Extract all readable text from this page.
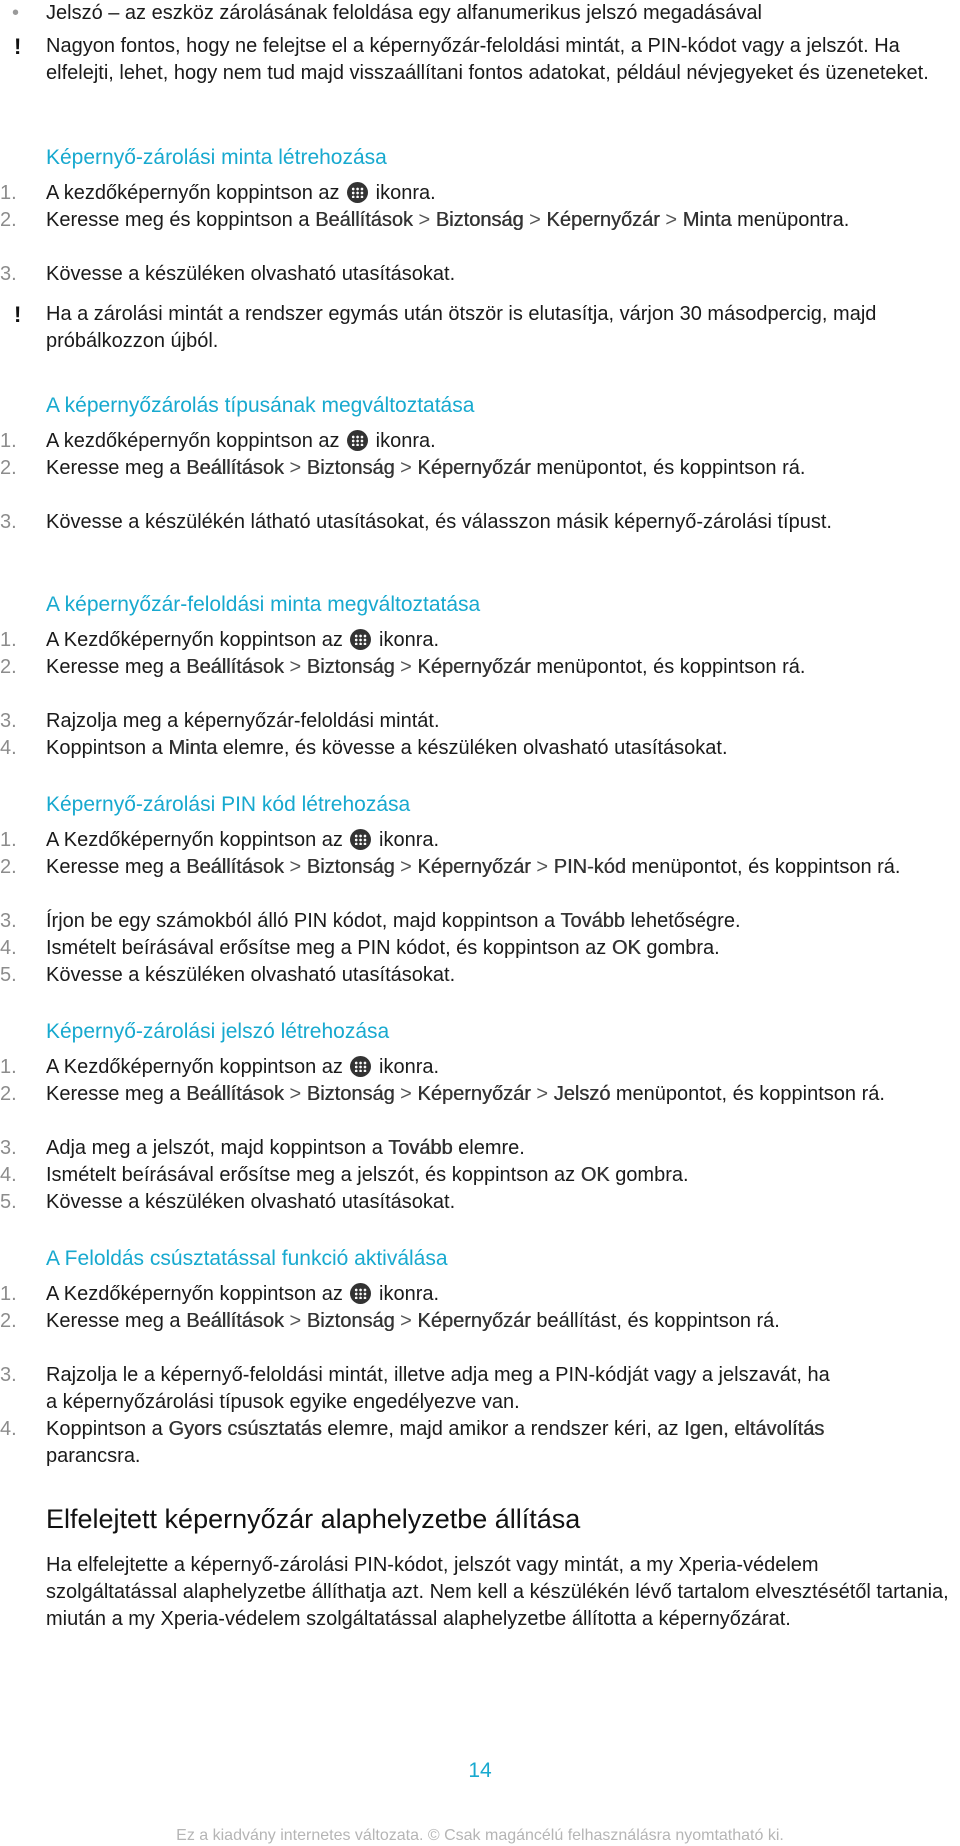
•	Jelszó – az eszköz zárolásának feloldása egy alfanumerikus jelszó megadásával
!	Nagyon fontos, hogy ne felejtse el a képernyőzár-feloldási mintát, a PIN-kódot vagy a jelszót. Ha elfelejti, lehet, hogy nem tud majd visszaállítani fontos adatokat, például névjegyeket és üzeneteket.
Képernyő-zárolási minta létrehozása
1.	A kezdőképernyőn koppintson az ikonra.
2.	Keresse meg és koppintson a Beállítások > Biztonság > Képernyőzár > Minta menüpontra.
3.	Kövesse a készüléken olvasható utasításokat.
!	Ha a zárolási mintát a rendszer egymás után ötször is elutasítja, várjon 30 másodpercig, majd próbálkozzon újból.
A képernyőzárolás típusának megváltoztatása
1.	A kezdőképernyőn koppintson az ikonra.
2.	Keresse meg a Beállítások > Biztonság > Képernyőzár menüpontot, és koppintson rá.
3.	Kövesse a készülékén látható utasításokat, és válasszon másik képernyő-zárolási típust.
A képernyőzár-feloldási minta megváltoztatása
1.	A Kezdőképernyőn koppintson az ikonra.
2.	Keresse meg a Beállítások > Biztonság > Képernyőzár menüpontot, és koppintson rá.
3.	Rajzolja meg a képernyőzár-feloldási mintát.
4.	Koppintson a Minta elemre, és kövesse a készüléken olvasható utasításokat.
Képernyő-zárolási PIN kód létrehozása
1.	A Kezdőképernyőn koppintson az ikonra.
2.	Keresse meg a Beállítások > Biztonság > Képernyőzár > PIN-kód menüpontot, és koppintson rá.
3.	Írjon be egy számokból álló PIN kódot, majd koppintson a Tovább lehetőségre.
4.	Ismételt beírásával erősítse meg a PIN kódot, és koppintson az OK gombra.
5.	Kövesse a készüléken olvasható utasításokat.
Képernyő-zárolási jelszó létrehozása
1.	A Kezdőképernyőn koppintson az ikonra.
2.	Keresse meg a Beállítások > Biztonság > Képernyőzár > Jelszó menüpontot, és koppintson rá.
3.	Adja meg a jelszót, majd koppintson a Tovább elemre.
4.	Ismételt beírásával erősítse meg a jelszót, és koppintson az OK gombra.
5.	Kövesse a készüléken olvasható utasításokat.
A Feloldás csúsztatással funkció aktiválása
1.	A Kezdőképernyőn koppintson az ikonra.
2.	Keresse meg a Beállítások > Biztonság > Képernyőzár beállítást, és koppintson rá.
3.	Rajzolja le a képernyő-feloldási mintát, illetve adja meg a PIN-kódját vagy a jelszavát, ha a képernyőzárolási típusok egyike engedélyezve van.
4.	Koppintson a Gyors csúsztatás elemre, majd amikor a rendszer kéri, az Igen, eltávolítás parancsra.
Elfelejtett képernyőzár alaphelyzetbe állítása
Ha elfelejtette a képernyő-zárolási PIN-kódot, jelszót vagy mintát, a my Xperia-védelem szolgáltatással alaphelyzetbe állíthatja azt. Nem kell a készülékén lévő tartalom elvesztésétől tartania, miután a my Xperia-védelem szolgáltatással alaphelyzetbe állította a képernyőzárat.
14
Ez a kiadvány internetes változata. © Csak magáncélú felhasználásra nyomtatható ki.
